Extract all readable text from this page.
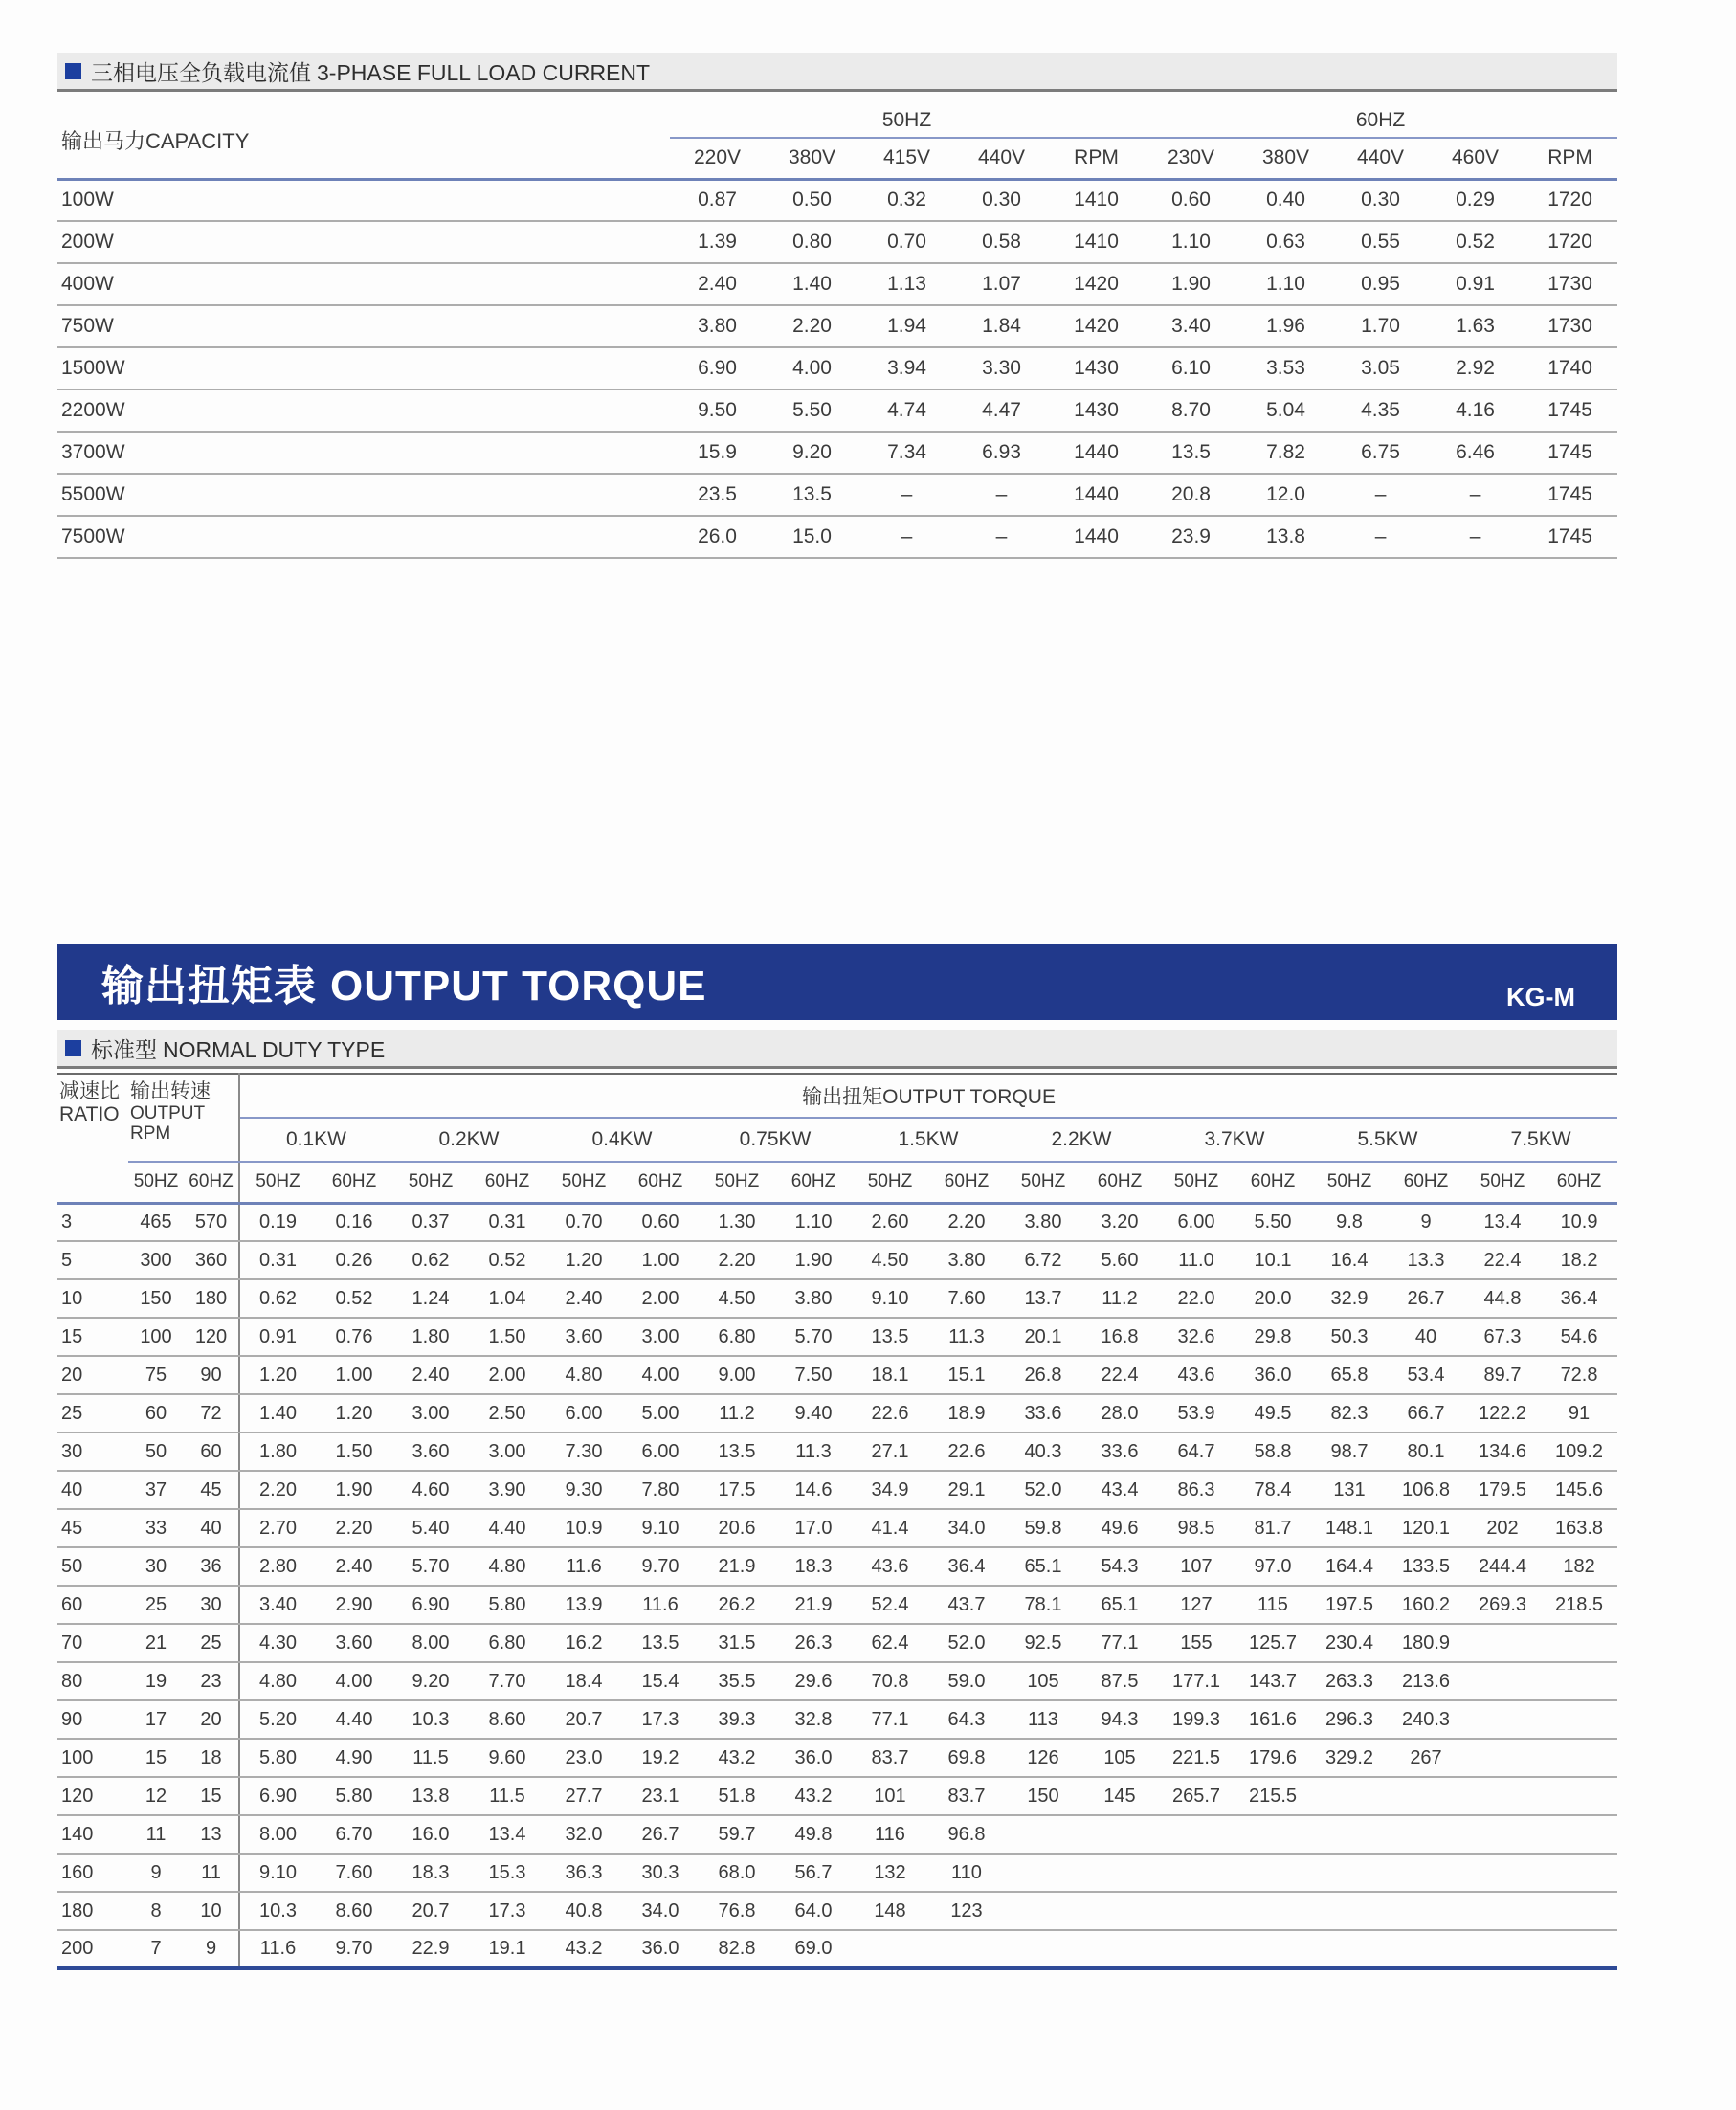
三相电压全负载电流值 3-PHASE FULL LOAD CURRENT
输出马力CAPACITY	50HZ					60HZ				
	220V	380V	415V	440V	RPM	230V	380V	440V	460V	RPM
100W	0.87	0.50	0.32	0.30	1410	0.60	0.40	0.30	0.29	1720
200W	1.39	0.80	0.70	0.58	1410	1.10	0.63	0.55	0.52	1720
400W	2.40	1.40	1.13	1.07	1420	1.90	1.10	0.95	0.91	1730
750W	3.80	2.20	1.94	1.84	1420	3.40	1.96	1.70	1.63	1730
1500W	6.90	4.00	3.94	3.30	1430	6.10	3.53	3.05	2.92	1740
2200W	9.50	5.50	4.74	4.47	1430	8.70	5.04	4.35	4.16	1745
3700W	15.9	9.20	7.34	6.93	1440	13.5	7.82	6.75	6.46	1745
5500W	23.5	13.5	–	–	1440	20.8	12.0	–	–	1745
7500W	26.0	15.0	–	–	1440	23.9	13.8	–	–	1745
输出扭矩表 OUTPUT TORQUE	KG-M
标准型 NORMAL DUTY TYPE
减速比
RATIO	输出转速
OUTPUT
RPM		输出扭矩OUTPUT TORQUE																	
			0.1KW		0.2KW		0.4KW		0.75KW		1.5KW		2.2KW		3.7KW		5.5KW		7.5KW	
	50HZ	60HZ	50HZ	60HZ	50HZ	60HZ	50HZ	60HZ	50HZ	60HZ	50HZ	60HZ	50HZ	60HZ	50HZ	60HZ	50HZ	60HZ	50HZ	60HZ
3	465	570	0.19	0.16	0.37	0.31	0.70	0.60	1.30	1.10	2.60	2.20	3.80	3.20	6.00	5.50	9.8	9	13.4	10.9
5	300	360	0.31	0.26	0.62	0.52	1.20	1.00	2.20	1.90	4.50	3.80	6.72	5.60	11.0	10.1	16.4	13.3	22.4	18.2
10	150	180	0.62	0.52	1.24	1.04	2.40	2.00	4.50	3.80	9.10	7.60	13.7	11.2	22.0	20.0	32.9	26.7	44.8	36.4
15	100	120	0.91	0.76	1.80	1.50	3.60	3.00	6.80	5.70	13.5	11.3	20.1	16.8	32.6	29.8	50.3	40	67.3	54.6
20	75	90	1.20	1.00	2.40	2.00	4.80	4.00	9.00	7.50	18.1	15.1	26.8	22.4	43.6	36.0	65.8	53.4	89.7	72.8
25	60	72	1.40	1.20	3.00	2.50	6.00	5.00	11.2	9.40	22.6	18.9	33.6	28.0	53.9	49.5	82.3	66.7	122.2	91
30	50	60	1.80	1.50	3.60	3.00	7.30	6.00	13.5	11.3	27.1	22.6	40.3	33.6	64.7	58.8	98.7	80.1	134.6	109.2
40	37	45	2.20	1.90	4.60	3.90	9.30	7.80	17.5	14.6	34.9	29.1	52.0	43.4	86.3	78.4	131	106.8	179.5	145.6
45	33	40	2.70	2.20	5.40	4.40	10.9	9.10	20.6	17.0	41.4	34.0	59.8	49.6	98.5	81.7	148.1	120.1	202	163.8
50	30	36	2.80	2.40	5.70	4.80	11.6	9.70	21.9	18.3	43.6	36.4	65.1	54.3	107	97.0	164.4	133.5	244.4	182
60	25	30	3.40	2.90	6.90	5.80	13.9	11.6	26.2	21.9	52.4	43.7	78.1	65.1	127	115	197.5	160.2	269.3	218.5
70	21	25	4.30	3.60	8.00	6.80	16.2	13.5	31.5	26.3	62.4	52.0	92.5	77.1	155	125.7	230.4	180.9		
80	19	23	4.80	4.00	9.20	7.70	18.4	15.4	35.5	29.6	70.8	59.0	105	87.5	177.1	143.7	263.3	213.6		
90	17	20	5.20	4.40	10.3	8.60	20.7	17.3	39.3	32.8	77.1	64.3	113	94.3	199.3	161.6	296.3	240.3		
100	15	18	5.80	4.90	11.5	9.60	23.0	19.2	43.2	36.0	83.7	69.8	126	105	221.5	179.6	329.2	267		
120	12	15	6.90	5.80	13.8	11.5	27.7	23.1	51.8	43.2	101	83.7	150	145	265.7	215.5				
140	11	13	8.00	6.70	16.0	13.4	32.0	26.7	59.7	49.8	116	96.8								
160	9	11	9.10	7.60	18.3	15.3	36.3	30.3	68.0	56.7	132	110								
180	8	10	10.3	8.60	20.7	17.3	40.8	34.0	76.8	64.0	148	123								
200	7	9	11.6	9.70	22.9	19.1	43.2	36.0	82.8	69.0										
